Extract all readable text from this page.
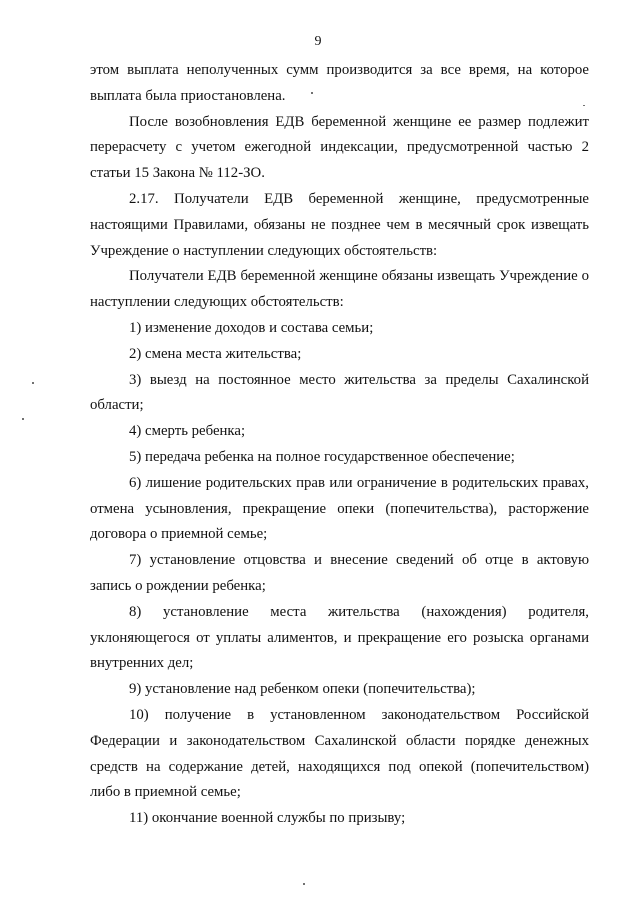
9

этом выплата неполученных сумм производится за все время, на которое выплата была приостановлена.

После возобновления ЕДВ беременной женщине ее размер подлежит перерасчету с учетом ежегодной индексации, предусмотренной частью 2 статьи 15 Закона № 112-ЗО.

2.17. Получатели ЕДВ беременной женщине, предусмотренные настоящими Правилами, обязаны не позднее чем в месячный срок извещать Учреждение о наступлении следующих обстоятельств:

Получатели ЕДВ беременной женщине обязаны извещать Учреждение о наступлении следующих обстоятельств:

1) изменение доходов и состава семьи;

2) смена места жительства;

3) выезд на постоянное место жительства за пределы Сахалинской области;

4) смерть ребенка;

5) передача ребенка на полное государственное обеспечение;

6) лишение родительских прав или ограничение в родительских правах, отмена усыновления, прекращение опеки (попечительства), расторжение договора о приемной семье;

7) установление отцовства и внесение сведений об отце в актовую запись о рождении ребенка;

8) установление места жительства (нахождения) родителя, уклоняющегося от уплаты алиментов, и прекращение его розыска органами внутренних дел;

9) установление над ребенком опеки (попечительства);

10) получение в установленном законодательством Российской Федерации и законодательством Сахалинской области порядке денежных средств на содержание детей, находящихся под опекой (попечительством) либо в приемной семье;

11) окончание военной службы по призыву;
